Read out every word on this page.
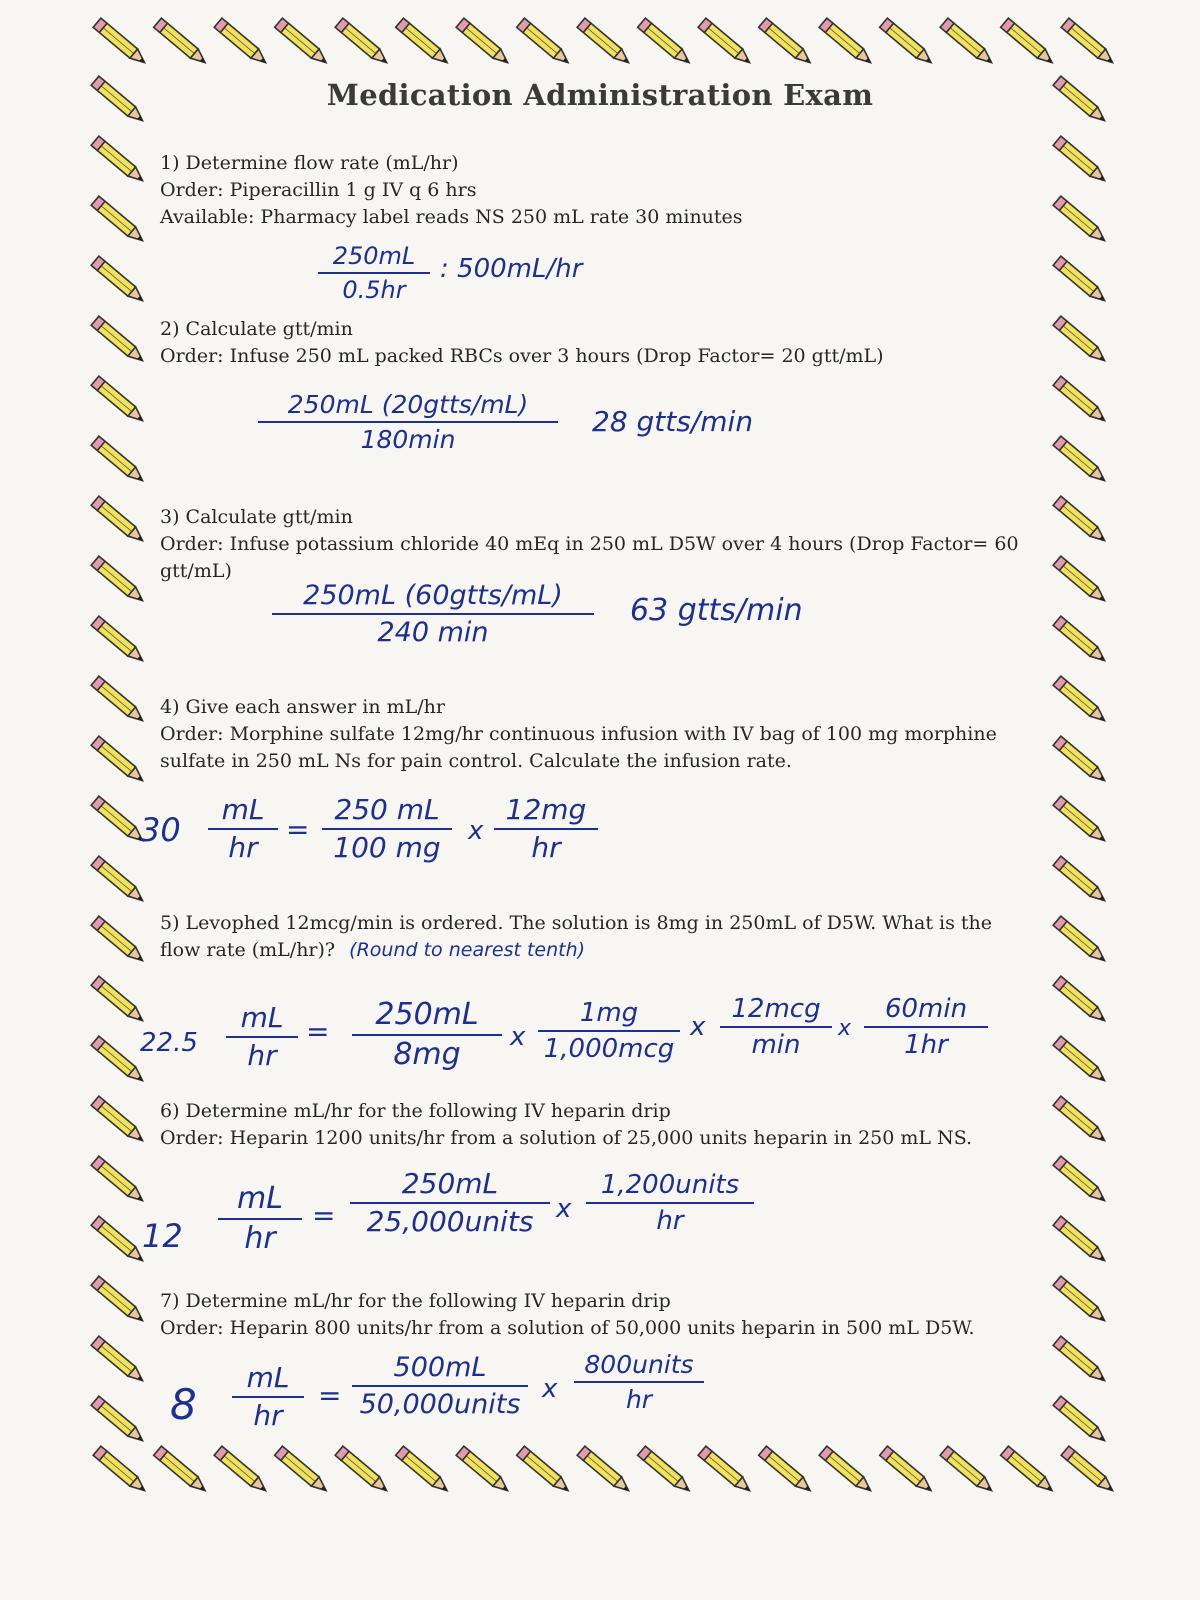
Medication Administration Exam
1) Determine flow rate (mL/hr)
Order: Piperacillin 1 g IV q 6 hrs
Available: Pharmacy label reads NS 250 mL rate 30 minutes
250mL
0.5hr
: 500mL/hr
2) Calculate gtt/min
Order: Infuse 250 mL packed RBCs over 3 hours (Drop Factor= 20 gtt/mL)
250mL (20gtts/mL)
180min
28 gtts/min
3) Calculate gtt/min
Order: Infuse potassium chloride 40 mEq in 250 mL D5W over 4 hours (Drop Factor= 60
gtt/mL)
250mL (60gtts/mL)
240 min
63 gtts/min
4) Give each answer in mL/hr
Order: Morphine sulfate 12mg/hr continuous infusion with IV bag of 100 mg morphine
sulfate in 250 mL Ns for pain control. Calculate the infusion rate.
30
mL
hr
=
250 mL
100 mg	x
12mg
hr
5) Levophed 12mcg/min is ordered. The solution is 8mg in 250mL of D5W. What is the
flow rate (mL/hr)? (Round to nearest tenth)
22.5
mL
hr
=	250mL
8mg	x
1mg
1,000mcg
x
12mcg
min
x
60min
1hr
6) Determine mL/hr for the following IV heparin drip
Order: Heparin 1200 units/hr from a solution of 25,000 units heparin in 250 mL NS.
12
mL
hr
=
250mL
25,000units x
1,200units
hr
7) Determine mL/hr for the following IV heparin drip
Order: Heparin 800 units/hr from a solution of 50,000 units heparin in 500 mL D5W.
8
mL
hr
=
500mL
50,000units x
800units
hr
